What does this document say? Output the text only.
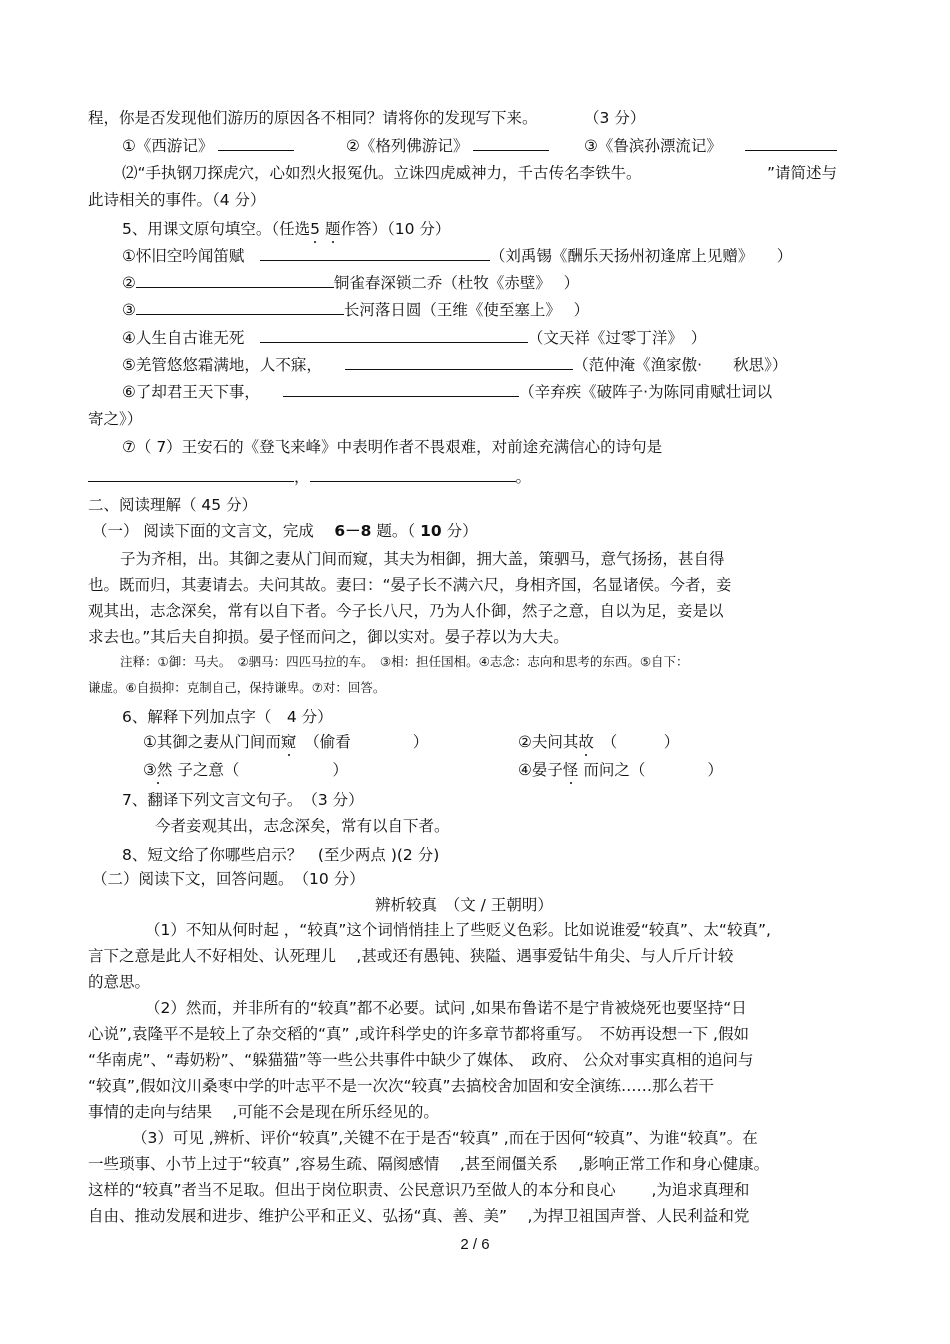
程，你是否发现他们游历的原因各不相同？请将你的发现写下来。　　　　	（3 分）
①《西游记》	②《格列佛游记》	③《鲁滨孙漂流记》　　
⑵“手执钢刀探虎穴，心如烈火报冤仇。立诛四虎威神力，千古传名李铁牛。	”请简述与
此诗相关的事件。（4 分）
5、用课文原句填空。（任选5 题作答）（10 分）
①怀旧空吟闻笛赋　	（刘禹锡《酬乐天扬州初逢席上见赠》　　 ）
②	铜雀春深锁二乔（杜牧《赤壁》　 ）
③	长河落日圆（王维《使至塞上》　 ）
④人生自古谁无死　	（文天祥《过零丁洋》　 ）
⑤羌管悠悠霜满地，人不寐，　　	（范仲淹《渔家傲·　　 秋思》）
⑥了却君王天下事，　　	（辛弃疾《破阵子·为陈同甫赋壮词以
寄之》）
⑦（ 7）王安石的《登飞来峰》中表明作者不畏艰难，对前途充满信心的诗句是
，	。
二、阅读理解（ 45 分）
（一） 阅读下面的文言文，完成　 6－8 题。（ 10 分）
子为齐相，出。其御之妻从门间而窥，其夫为相御，拥大盖，策驷马，意气扬扬，甚自得
也。既而归，其妻请去。夫问其故。妻曰：“晏子长不满六尺，身相齐国，名显诸侯。今者，妾
观其出，志念深矣，常有以自下者。今子长八尺，乃为人仆御，然子之意，自以为足，妾是以
求去也。”其后夫自抑损。晏子怪而问之，御以实对。晏子荐以为大夫。
注释：①御：马夫。　②驷马：四匹马拉的车。　③相：担任国相。④志念：志向和思考的东西。⑤自下：
谦虚。⑥自损抑：克制自己，保持谦卑。⑦对：回答。
6、解释下列加点字（　4 分）
①其御之妻从门间而窥　 （偷看　　　　）	②夫问其故　 （　　　）
③然 子之意（　　　　　　）	④晏子怪 而问之（　　　　）
7、翻译下列文言文句子。　（3 分）
今者妾观其出，志念深矣，常有以自下者。
8、短文给了你哪些启示？　(至少两点 )(2 分)
（二）阅读下文，回答问题。　（10 分）
辨析较真　（文 / 王朝明）
（1）不知从何时起 ，“较真”这个词悄悄挂上了些贬义色彩。比如说谁爱“较真”、太“较真”,
言下之意是此人不好相处、认死理儿 　,甚或还有愚钝、狭隘、遇事爱钻牛角尖、与人斤斤计较
的意思。
（2）然而，并非所有的“较真”都不必要。试问 ,如果布鲁诺不是宁肯被烧死也要坚持“日
心说”,袁隆平不是较上了杂交稻的“真” ,或许科学史的许多章节都将重写。　不妨再设想一下 ,假如
“华南虎”、“毒奶粉”、“躲猫猫”等一些公共事件中缺少了媒体、　政府、 公众对事实真相的追问与
“较真”,假如汶川桑枣中学的叶志平不是一次次“较真”去搞校舍加固和安全演练……那么若干
事情的走向与结果 　,可能不会是现在所乐经见的。
（3）可见 ,辨析、评价“较真”,关键不在于是否“较真” ,而在于因何“较真”、为谁“较真”。在
一些琐事、小节上过于“较真” ,容易生疏、隔阂感情 　,甚至闹僵关系 　,影响正常工作和身心健康。
这样的“较真”者当不足取。但出于岗位职责、公民意识乃至做人的本分和良心　　 ,为追求真理和
自由、推动发展和进步、维护公平和正义、弘扬“真、善、美”　 ,为捍卫祖国声誉、人民利益和党
2 / 6
